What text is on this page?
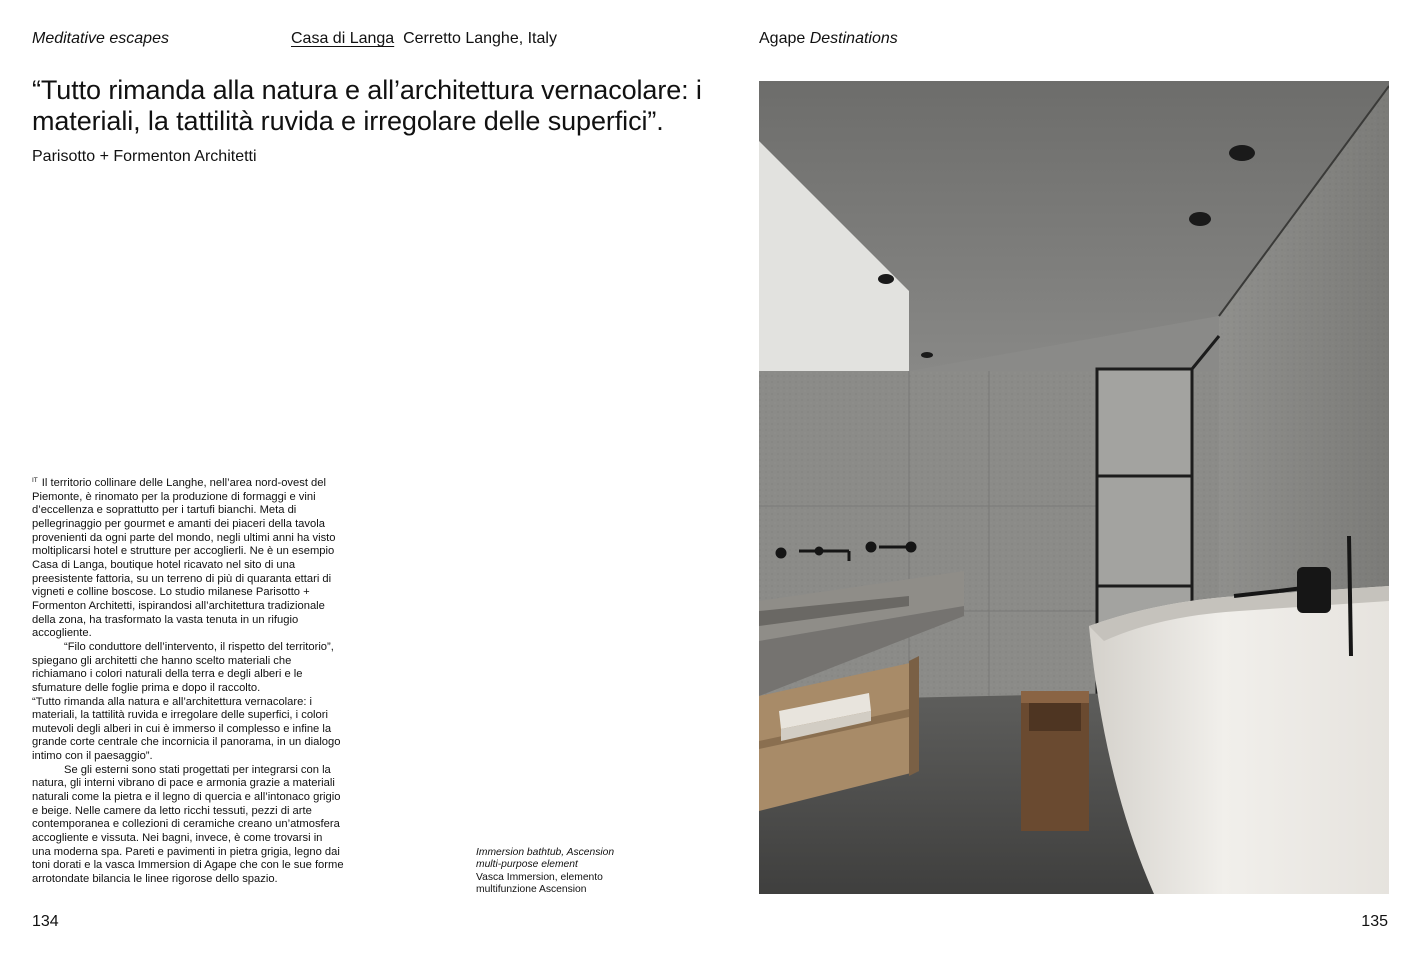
Meditative escapes	Casa di Langa Cerretto Langhe, Italy	Agape Destinations
“Tutto rimanda alla natura e all’architettura vernacolare: i materiali, la tattilità ruvida e irregolare delle superfici”. Parisotto + Formenton Architetti

$^{IT}$ Il territorio collinare delle Langhe, nell’area nord-ovest del Piemonte, è rinomato per la produzione di formaggi e vini d’eccellenza e soprattutto per i tartufi bianchi. Meta di pellegrinaggio per gourmet e amanti dei piaceri della tavola provenienti da ogni parte del mondo, negli ultimi anni ha visto moltiplicarsi hotel e strutture per accoglierli. Ne è un esempio Casa di Langa, boutique hotel ricavato nel sito di una preesistente fattoria, su un terreno di più di quaranta ettari di vigneti e colline boscose. Lo studio milanese Parisotto + Formenton Architetti, ispirandosi all’architettura tradizionale della zona, ha trasformato la vasta tenuta in un rifugio accogliente.

“Filo conduttore dell’intervento, il rispetto del territorio”, spiegano gli architetti che hanno scelto materiali che richiamano i colori naturali della terra e degli alberi e le sfumature delle foglie prima e dopo il raccolto.

“Tutto rimanda alla natura e all’architettura vernacolare: i materiali, la tattilità ruvida e irregolare delle superfici, i colori mutevoli degli alberi in cui è immerso il complesso e infine la grande corte centrale che incornicia il panorama, in un dialogo intimo con il paesaggio”.

Se gli esterni sono stati progettati per integrarsi con la natura, gli interni vibrano di pace e armonia grazie a materiali naturali come la pietra e il legno di quercia e all’intonaco grigio e beige. Nelle camere da letto ricchi tessuti, pezzi di arte contemporanea e collezioni di ceramiche creano un’atmosfera accogliente e vissuta. Nei bagni, invece, è come trovarsi in una moderna spa. Pareti e pavimenti in pietra grigia, legno dai toni dorati e la vasca Immersion di Agape che con le sue forme arrotondate bilancia le linee rigorose dello spazio.

Immersion bathtub, Ascension
multi-purpose element
Vasca Immersion, elemento
multifunzione Ascension
134	135
